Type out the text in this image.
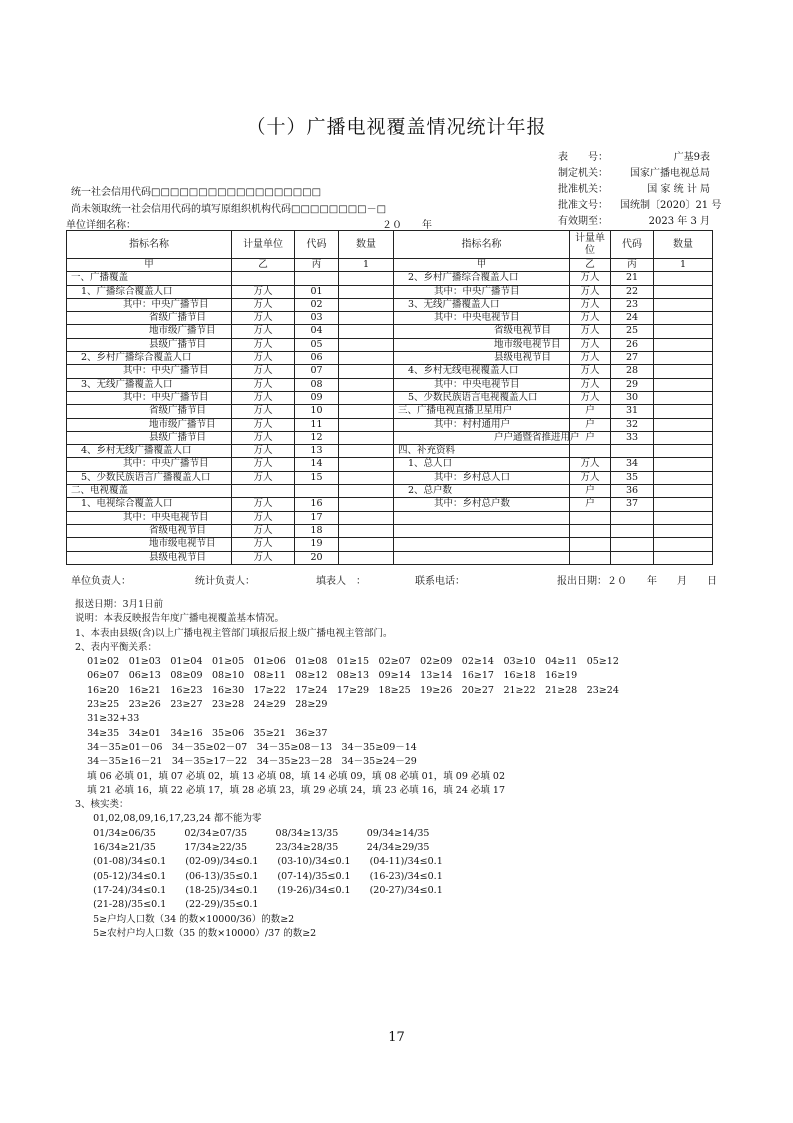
（十）广播电视覆盖情况统计年报
表　　号：	广基9表
制定机关：	国家广播电视总局
批准机关：	国 家 统 计 局
批准文号：	国统制〔2020〕21 号
有效期至：	2023 年 3 月
统一社会信用代码□□□□□□□□□□□□□□□□□□
尚未领取统一社会信用代码的填写原组织机构代码□□□□□□□□－□
单位详细名称：	２０　　年
指标名称	计量单位	代码	数量	指标名称	计量单位	代码	数量
甲	乙	丙	1	甲	乙	丙	1
一、广播覆盖				2、乡村广播综合覆盖人口	万人	21	
1、广播综合覆盖人口	万人	01		其中：中央广播节目	万人	22	
其中：中央广播节目	万人	02		3、无线广播覆盖人口	万人	23	
省级广播节目	万人	03		其中：中央电视节目	万人	24	
地市级广播节目	万人	04		省级电视节目	万人	25	
县级广播节目	万人	05		地市级电视节目	万人	26	
2、乡村广播综合覆盖人口	万人	06		县级电视节目	万人	27	
其中：中央广播节目	万人	07		4、乡村无线电视覆盖人口	万人	28	
3、无线广播覆盖人口	万人	08		其中：中央电视节目	万人	29	
其中：中央广播节目	万人	09		5、少数民族语言电视覆盖人口	万人	30	
省级广播节目	万人	10		三、广播电视直播卫星用户	户	31	
地市级广播节目	万人	11		其中：村村通用户	户	32	
县级广播节目	万人	12		户户通暨省推进用户	户	33	
4、乡村无线广播覆盖人口	万人	13		四、补充资料			
其中：中央广播节目	万人	14		1、总人口	万人	34	
5、少数民族语言广播覆盖人口	万人	15		其中：乡村总人口	万人	35	
二、电视覆盖				2、总户数	户	36	
1、电视综合覆盖人口	万人	16		其中：乡村总户数	户	37	
其中：中央电视节目	万人	17					
省级电视节目	万人	18					
地市级电视节目	万人	19					
县级电视节目	万人	20					
单位负责人：	统计负责人：	填表人　：	联系电话：	报出日期：２０　　年　　月　　日
报送日期：3月1日前
说明：本表反映报告年度广播电视覆盖基本情况。
1、本表由县级(含)以上广播电视主管部门填报后报上级广播电视主管部门。
2、表内平衡关系：
01≥02　01≥03　01≥04　01≥05　01≥06　01≥08　01≥15　02≥07　02≥09　02≥14　03≥10　04≥11　05≥12
06≥07　06≥13　08≥09　08≥10　08≥11　08≥12　08≥13　09≥14　13≥14　16≥17　16≥18　16≥19
16≥20　16≥21　16≥23　16≥30　17≥22　17≥24　17≥29　18≥25　19≥26　20≥27　21≥22　21≥28　23≥24
23≥25　23≥26　23≥27　23≥28　24≥29　28≥29
31≥32+33
34≥35　34≥01　34≥16　35≥06　35≥21　36≥37
34－35≥01－06　34－35≥02－07　34－35≥08－13　34－35≥09－14
34－35≥16－21　34－35≥17－22　34－35≥23－28　34－35≥24－29
填 06 必填 01，填 07 必填 02，填 13 必填 08，填 14 必填 09，填 08 必填 01，填 09 必填 02
填 21 必填 16，填 22 必填 17，填 28 必填 23，填 29 必填 24，填 23 必填 16，填 24 必填 17
3、核实类：
01,02,08,09,16,17,23,24 都不能为零
01/34≥06/35　　　02/34≥07/35　　　08/34≥13/35　　　09/34≥14/35
16/34≥21/35　　　17/34≥22/35　　　23/34≥28/35　　　24/34≥29/35
(01-08)/34≤0.1　　(02-09)/34≤0.1　　(03-10)/34≤0.1　　(04-11)/34≤0.1
(05-12)/34≤0.1　　(06-13)/35≤0.1　　(07-14)/35≤0.1　　(16-23)/34≤0.1
(17-24)/34≤0.1　　(18-25)/34≤0.1　　(19-26)/34≤0.1　　(20-27)/34≤0.1
(21-28)/35≤0.1　　(22-29)/35≤0.1
5≥户均人口数（34 的数×10000/36）的数≥2
5≥农村户均人口数（35 的数×10000）/37 的数≥2
17
